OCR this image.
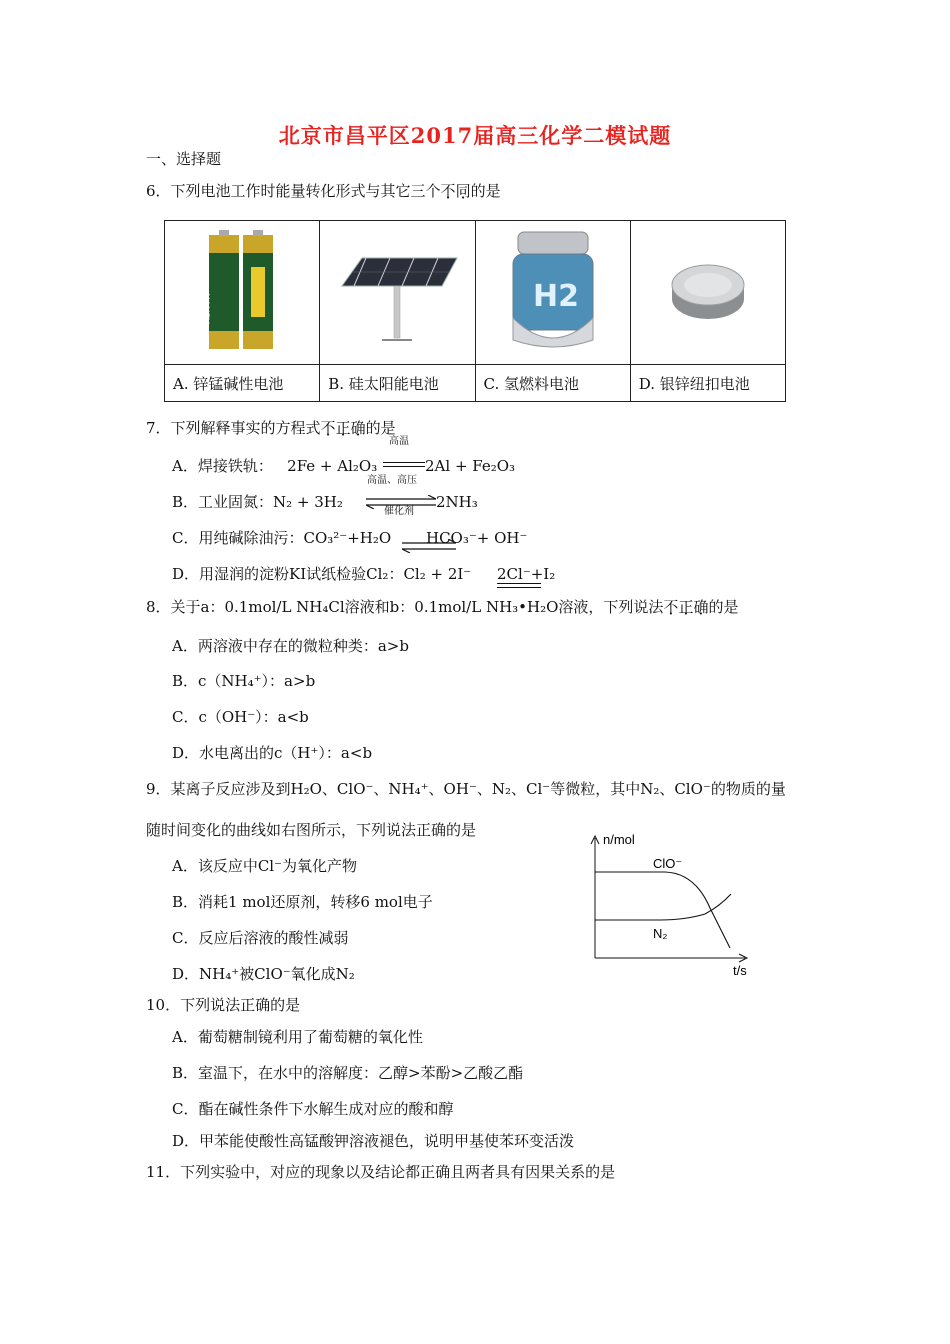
北京市昌平区2017届高三化学二模试题
一、选择题
6．下列电池工作时能量转化形式与其它三个不同的是
NANFU		H2

A. 锌锰碱性电池	B. 硅太阳能电池	C. 氢燃料电池	D. 银锌纽扣电池
7．下列解释事实的方程式不正确的是
高温
A．焊接铁轨： 2Fe + Al₂O₃	2Al + Fe₂O₃
高温、高压
B．工业固氮：N₂ + 3H₂
催化剂
2NH₃
C．用纯碱除油污：CO₃²⁻+H₂O HCO₃⁻+ OH⁻
D．用湿润的淀粉KI试纸检验Cl₂：Cl₂ + 2I⁻ 2Cl⁻+I₂
8．关于a：0.1mol/L NH₄Cl溶液和b：0.1mol/L NH₃•H₂O溶液，下列说法不正确的是
A．两溶液中存在的微粒种类：a>b
B．c（NH₄⁺）：a>b
C．c（OH⁻）：a<b
D．水电离出的c（H⁺）：a<b
9．某离子反应涉及到H₂O、ClO⁻、NH₄⁺、OH⁻、N₂、Cl⁻等微粒，其中N₂、ClO⁻的物质的量
随时间变化的曲线如右图所示，下列说法正确的是
A．该反应中Cl⁻为氧化产物
B．消耗1 mol还原剂，转移6 mol电子
C．反应后溶液的酸性减弱
D．NH₄⁺被ClO⁻氧化成N₂
n/mol
ClO⁻
N₂
t/s
10．下列说法正确的是
A．葡萄糖制镜利用了葡萄糖的氧化性
B．室温下，在水中的溶解度：乙醇>苯酚>乙酸乙酯
C．酯在碱性条件下水解生成对应的酸和醇
D．甲苯能使酸性高锰酸钾溶液褪色，说明甲基使苯环变活泼
11．下列实验中，对应的现象以及结论都正确且两者具有因果关系的是
